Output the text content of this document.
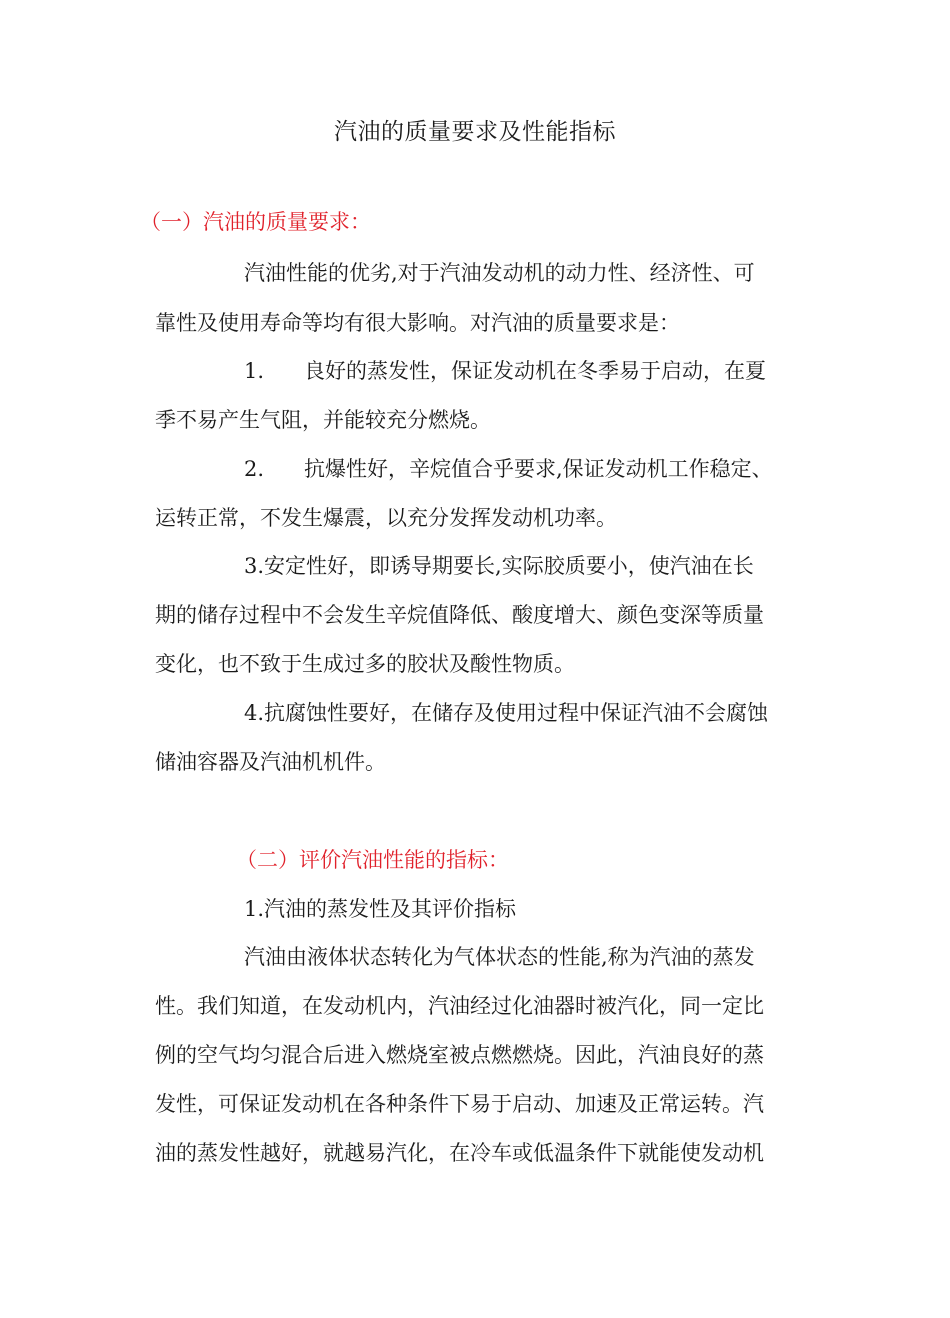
汽油的质量要求及性能指标
（一）汽油的质量要求：
汽油性能的优劣,对于汽油发动机的动力性、经济性、可
靠性及使用寿命等均有很大影响。对汽油的质量要求是：
1. 良好的蒸发性，保证发动机在冬季易于启动，在夏
季不易产生气阻，并能较充分燃烧。
2. 抗爆性好，辛烷值合乎要求,保证发动机工作稳定、
运转正常，不发生爆震，以充分发挥发动机功率。
3.安定性好，即诱导期要长,实际胶质要小，使汽油在长
期的储存过程中不会发生辛烷值降低、酸度增大、颜色变深等质量
变化，也不致于生成过多的胶状及酸性物质。
4.抗腐蚀性要好，在储存及使用过程中保证汽油不会腐蚀
储油容器及汽油机机件。
（二）评价汽油性能的指标：
1.汽油的蒸发性及其评价指标
汽油由液体状态转化为气体状态的性能,称为汽油的蒸发
性。我们知道，在发动机内，汽油经过化油器时被汽化，同一定比
例的空气均匀混合后进入燃烧室被点燃燃烧。因此，汽油良好的蒸
发性，可保证发动机在各种条件下易于启动、加速及正常运转。汽
油的蒸发性越好，就越易汽化，在冷车或低温条件下就能使发动机
